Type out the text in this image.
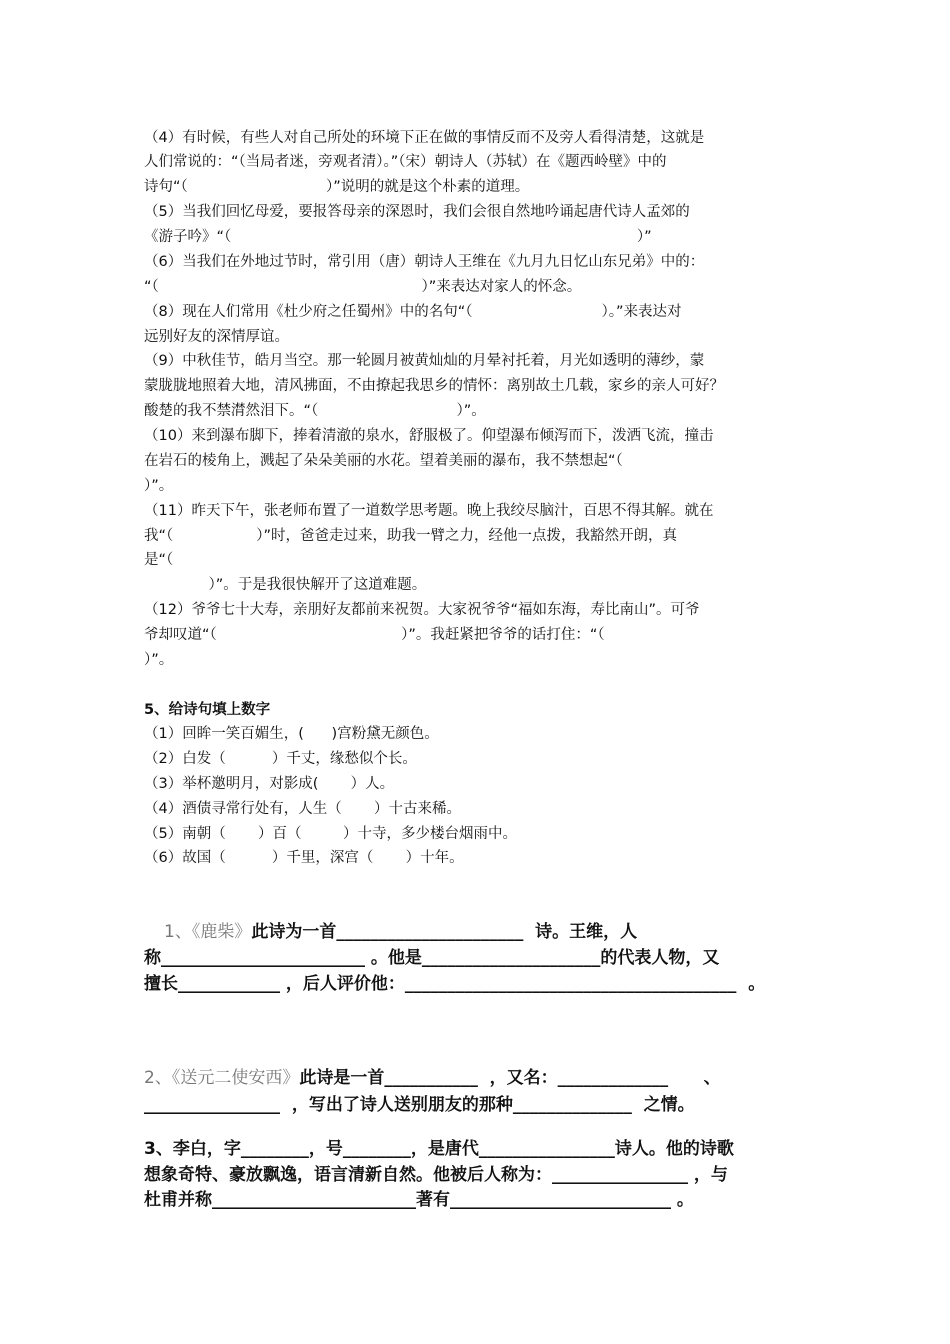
（4）有时候，有些人对自己所处的环境下正在做的事情反而不及旁人看得清楚，这就是
人们常说的：“（当局者迷，旁观者清）。”（宋）朝诗人（苏轼）在《题西岭壁》中的
诗句“（                              ）”说明的就是这个朴素的道理。
（5）当我们回忆母爱，要报答母亲的深恩时，我们会很自然地吟诵起唐代诗人孟郊的
《游子吟》“（                                                                                        ）”
（6）当我们在外地过节时，常引用（唐）朝诗人王维在《九月九日忆山东兄弟》中的：
“（                                                         ）”来表达对家人的怀念。
（8）现在人们常用《杜少府之任蜀州》中的名句“（                            ）。”来表达对
远别好友的深情厚谊。
（9）中秋佳节，皓月当空。那一轮圆月被黄灿灿的月晕衬托着，月光如透明的薄纱，蒙
蒙胧胧地照着大地，清风拂面，不由撩起我思乡的情怀：离别故土几载，家乡的亲人可好？
酸楚的我不禁潸然泪下。“（                              ）”。
（10）来到瀑布脚下，捧着清澈的泉水，舒服极了。仰望瀑布倾泻而下，泼洒飞流，撞击
在岩石的棱角上，溅起了朵朵美丽的水花。望着美丽的瀑布，我不禁想起“（
）”。
（11）昨天下午，张老师布置了一道数学思考题。晚上我绞尽脑汁，百思不得其解。就在
我“（                  ）”时，爸爸走过来，助我一臂之力，经他一点拨，我豁然开朗，真
是“（
）”。于是我很快解开了这道难题。
（12）爷爷七十大寿，亲朋好友都前来祝贺。大家祝爷爷“福如东海，寿比南山”。可爷
爷却叹道“（                                        ）”。我赶紧把爷爷的话打住：“（
）”。
5、给诗句填上数字
（1）回眸一笑百媚生，(      )宫粉黛无颜色。
（2）白发（          ）千丈，缘愁似个长。
（3）举杯邀明月，对影成(       ）人。
（4）酒债寻常行处有，人生（       ）十古来稀。
（5）南朝（       ）百（         ）十寺，多少楼台烟雨中。
（6）故国（          ）千里，深宫（       ）十年。
1、《鹿柴》此诗为一首______________________  诗。王维，人
称________________________ 。他是_____________________的代表人物，又
擅长____________ ，后人评价他：_______________________________________  。
2、《送元二使安西》此诗是一首___________  ，又名：_____________      、
________________  ，写出了诗人送别朋友的那种______________  之情。
3、李白，字________，号________，是唐代________________诗人。他的诗歌
想象奇特、豪放飘逸，语言清新自然。他被后人称为：________________ ，与
杜甫并称________________________著有__________________________ 。
